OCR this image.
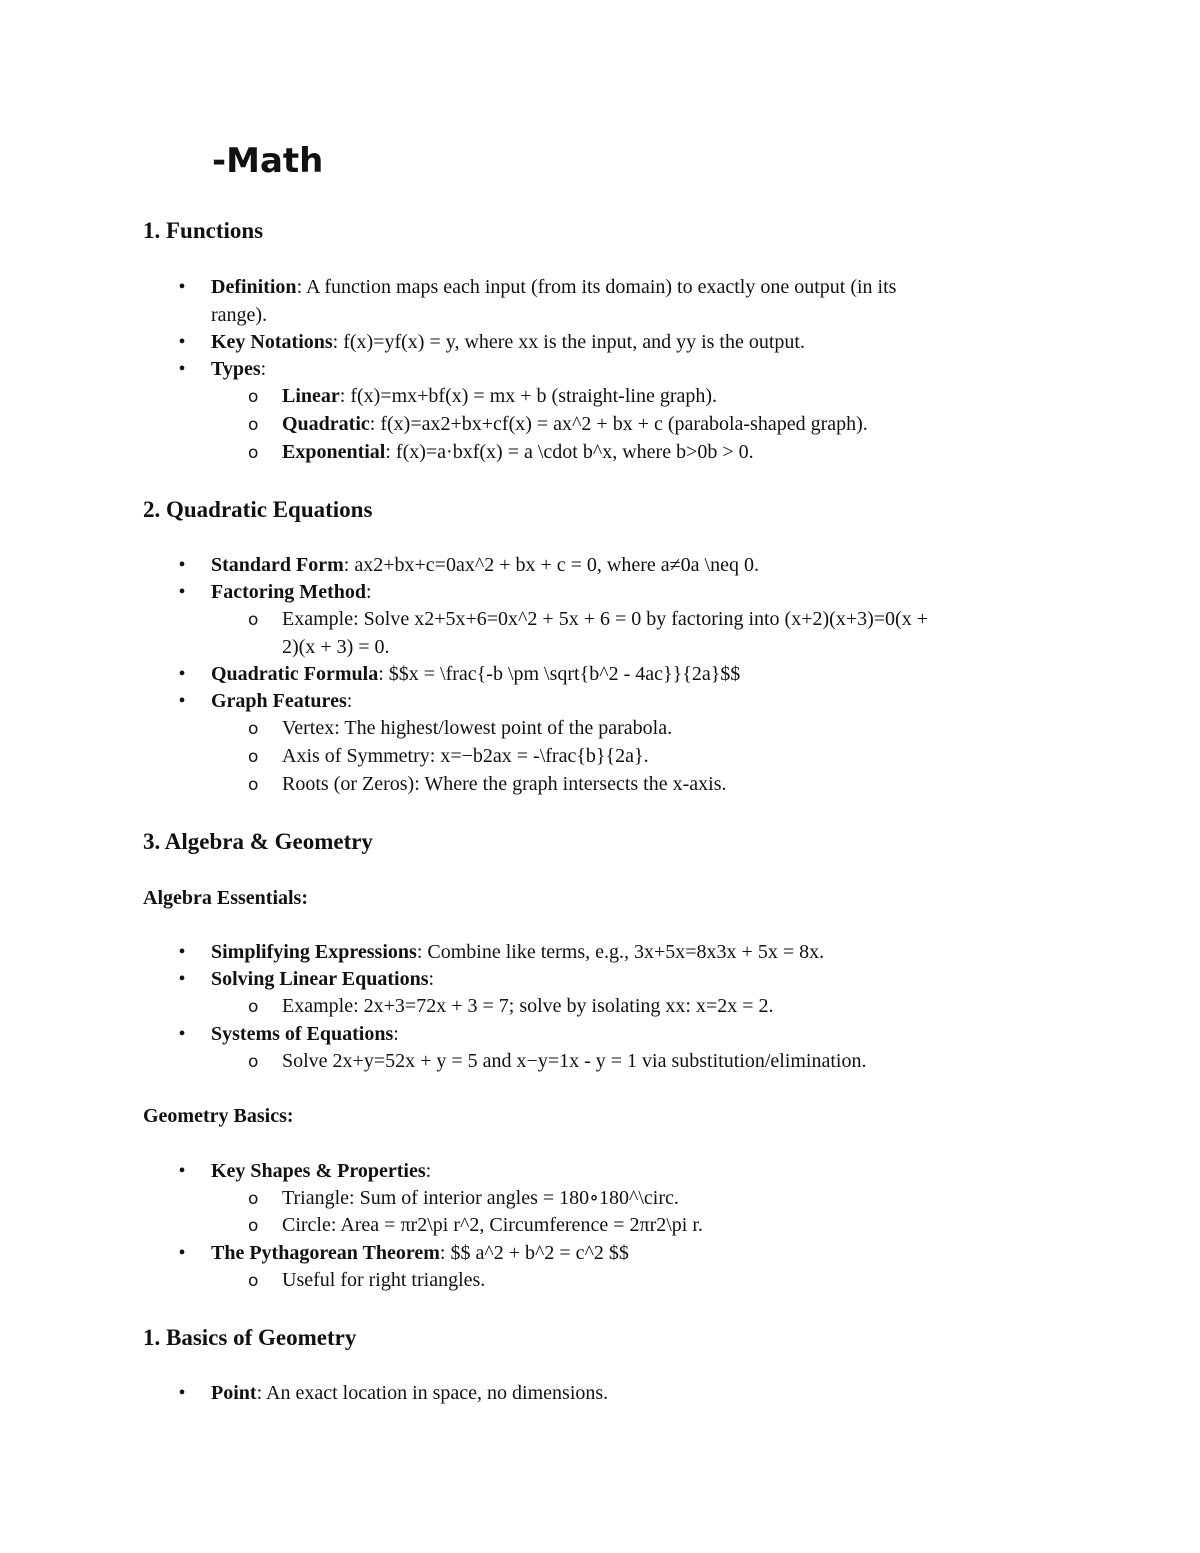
-Math
1. Functions
• Definition: A function maps each input (from its domain) to exactly one output (in its
range).
• Key Notations: f(x)=yf(x) = y, where xx is the input, and yy is the output.
• Types:
o Linear: f(x)=mx+bf(x) = mx + b (straight-line graph).
o Quadratic: f(x)=ax2+bx+cf(x) = ax^2 + bx + c (parabola-shaped graph).
o Exponential: f(x)=a·bxf(x) = a \cdot b^x, where b>0b > 0.
2. Quadratic Equations
• Standard Form: ax2+bx+c=0ax^2 + bx + c = 0, where a≠0a \neq 0.
• Factoring Method:
o Example: Solve x2+5x+6=0x^2 + 5x + 6 = 0 by factoring into (x+2)(x+3)=0(x +
2)(x + 3) = 0.
• Quadratic Formula: $$x = \frac{-b \pm \sqrt{b^2 - 4ac}}{2a}$$
• Graph Features:
o Vertex: The highest/lowest point of the parabola.
o Axis of Symmetry: x=−b2ax = -\frac{b}{2a}.
o Roots (or Zeros): Where the graph intersects the x-axis.
3. Algebra & Geometry
Algebra Essentials:
• Simplifying Expressions: Combine like terms, e.g., 3x+5x=8x3x + 5x = 8x.
• Solving Linear Equations:
o Example: 2x+3=72x + 3 = 7; solve by isolating xx: x=2x = 2.
• Systems of Equations:
o Solve 2x+y=52x + y = 5 and x−y=1x - y = 1 via substitution/elimination.
Geometry Basics:
• Key Shapes & Properties:
o Triangle: Sum of interior angles = 180∘180^\circ.
o Circle: Area = πr2\pi r^2, Circumference = 2πr2\pi r.
• The Pythagorean Theorem: $$ a^2 + b^2 = c^2 $$
o Useful for right triangles.
1. Basics of Geometry
• Point: An exact location in space, no dimensions.
